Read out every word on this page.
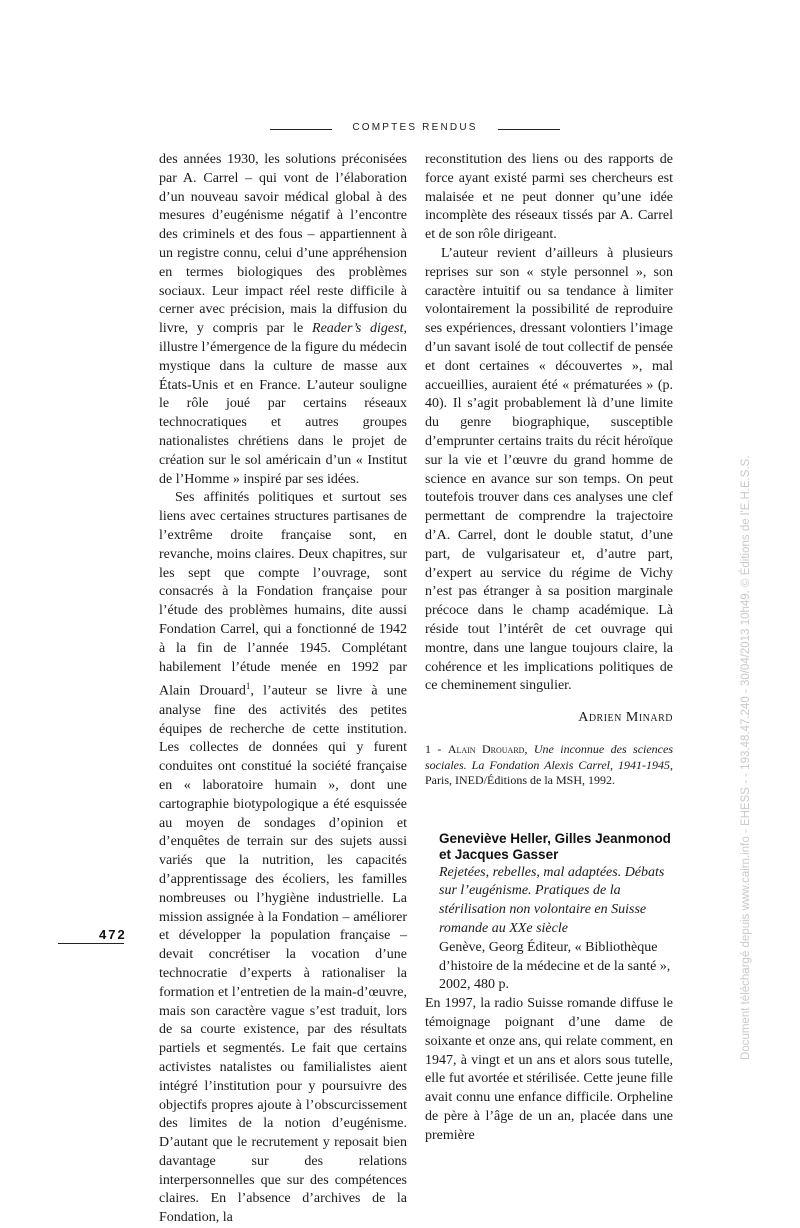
COMPTES RENDUS

des années 1930, les solutions préconisées par A. Carrel – qui vont de l’élaboration d’un nouveau savoir médical global à des mesures d’eugénisme négatif à l’encontre des criminels et des fous – appartiennent à un registre connu, celui d’une appréhension en termes biologiques des problèmes sociaux. Leur impact réel reste difficile à cerner avec précision, mais la diffusion du livre, y compris par le Reader’s digest, illustre l’émergence de la figure du médecin mystique dans la culture de masse aux États-Unis et en France. L’auteur souligne le rôle joué par certains réseaux technocratiques et autres groupes nationalistes chrétiens dans le projet de création sur le sol américain d’un « Institut de l’Homme » inspiré par ses idées.

Ses affinités politiques et surtout ses liens avec certaines structures partisanes de l’extrême droite française sont, en revanche, moins claires. Deux chapitres, sur les sept que compte l’ouvrage, sont consacrés à la Fondation française pour l’étude des problèmes humains, dite aussi Fondation Carrel, qui a fonctionné de 1942 à la fin de l’année 1945. Complétant habilement l’étude menée en 1992 par Alain Drouard$^1$, l’auteur se livre à une analyse fine des activités des petites équipes de recherche de cette institution. Les collectes de données qui y furent conduites ont constitué la société française en « laboratoire humain », dont une cartographie biotypologique a été esquissée au moyen de sondages d’opinion et d’enquêtes de terrain sur des sujets aussi variés que la nutrition, les capacités d’apprentissage des écoliers, les familles nombreuses ou l’hygiène industrielle. La mission assignée à la Fondation – améliorer et développer la population française – devait concrétiser la vocation d’une technocratie d’experts à rationaliser la formation et l’entretien de la main-d’œuvre, mais son caractère vague s’est traduit, lors de sa courte existence, par des résultats partiels et segmentés. Le fait que certains activistes natalistes ou familialistes aient intégré l’institution pour y poursuivre des objectifs propres ajoute à l’obscurcissement des limites de la notion d’eugénisme. D’autant que le recrutement y reposait bien davantage sur des relations interpersonnelles que sur des compétences claires. En l’absence d’archives de la Fondation, la

reconstitution des liens ou des rapports de force ayant existé parmi ses chercheurs est malaisée et ne peut donner qu’une idée incomplète des réseaux tissés par A. Carrel et de son rôle dirigeant.

L’auteur revient d’ailleurs à plusieurs reprises sur son « style personnel », son caractère intuitif ou sa tendance à limiter volontairement la possibilité de reproduire ses expériences, dressant volontiers l’image d’un savant isolé de tout collectif de pensée et dont certaines « découvertes », mal accueillies, auraient été « prématurées » (p. 40). Il s’agit probablement là d’une limite du genre biographique, susceptible d’emprunter certains traits du récit héroïque sur la vie et l’œuvre du grand homme de science en avance sur son temps. On peut toutefois trouver dans ces analyses une clef permettant de comprendre la trajectoire d’A. Carrel, dont le double statut, d’une part, de vulgarisateur et, d’autre part, d’expert au service du régime de Vichy n’est pas étranger à sa position marginale précoce dans le champ académique. Là réside tout l’intérêt de cet ouvrage qui montre, dans une langue toujours claire, la cohérence et les implications politiques de ce cheminement singulier.

Adrien Minard
1 - Alain Drouard, Une inconnue des sciences sociales. La Fondation Alexis Carrel, 1941-1945, Paris, INED/Éditions de la MSH, 1992.
Geneviève Heller, Gilles Jeanmonod et Jacques Gasser
Rejetées, rebelles, mal adaptées. Débats sur l’eugénisme. Pratiques de la stérilisation non volontaire en Suisse romande au XXe siècle
Genève, Georg Éditeur, « Bibliothèque d’histoire de la médecine et de la santé », 2002, 480 p.

En 1997, la radio Suisse romande diffuse le témoignage poignant d’une dame de soixante et onze ans, qui relate comment, en 1947, à vingt et un ans et alors sous tutelle, elle fut avortée et stérilisée. Cette jeune fille avait connu une enfance difficile. Orpheline de père à l’âge de un an, placée dans une première

472	Document téléchargé depuis www.cairn.info - EHESS - - 193.48.47.240 - 30/04/2013 10h49. © Éditions de l'E.H.E.S.S.
